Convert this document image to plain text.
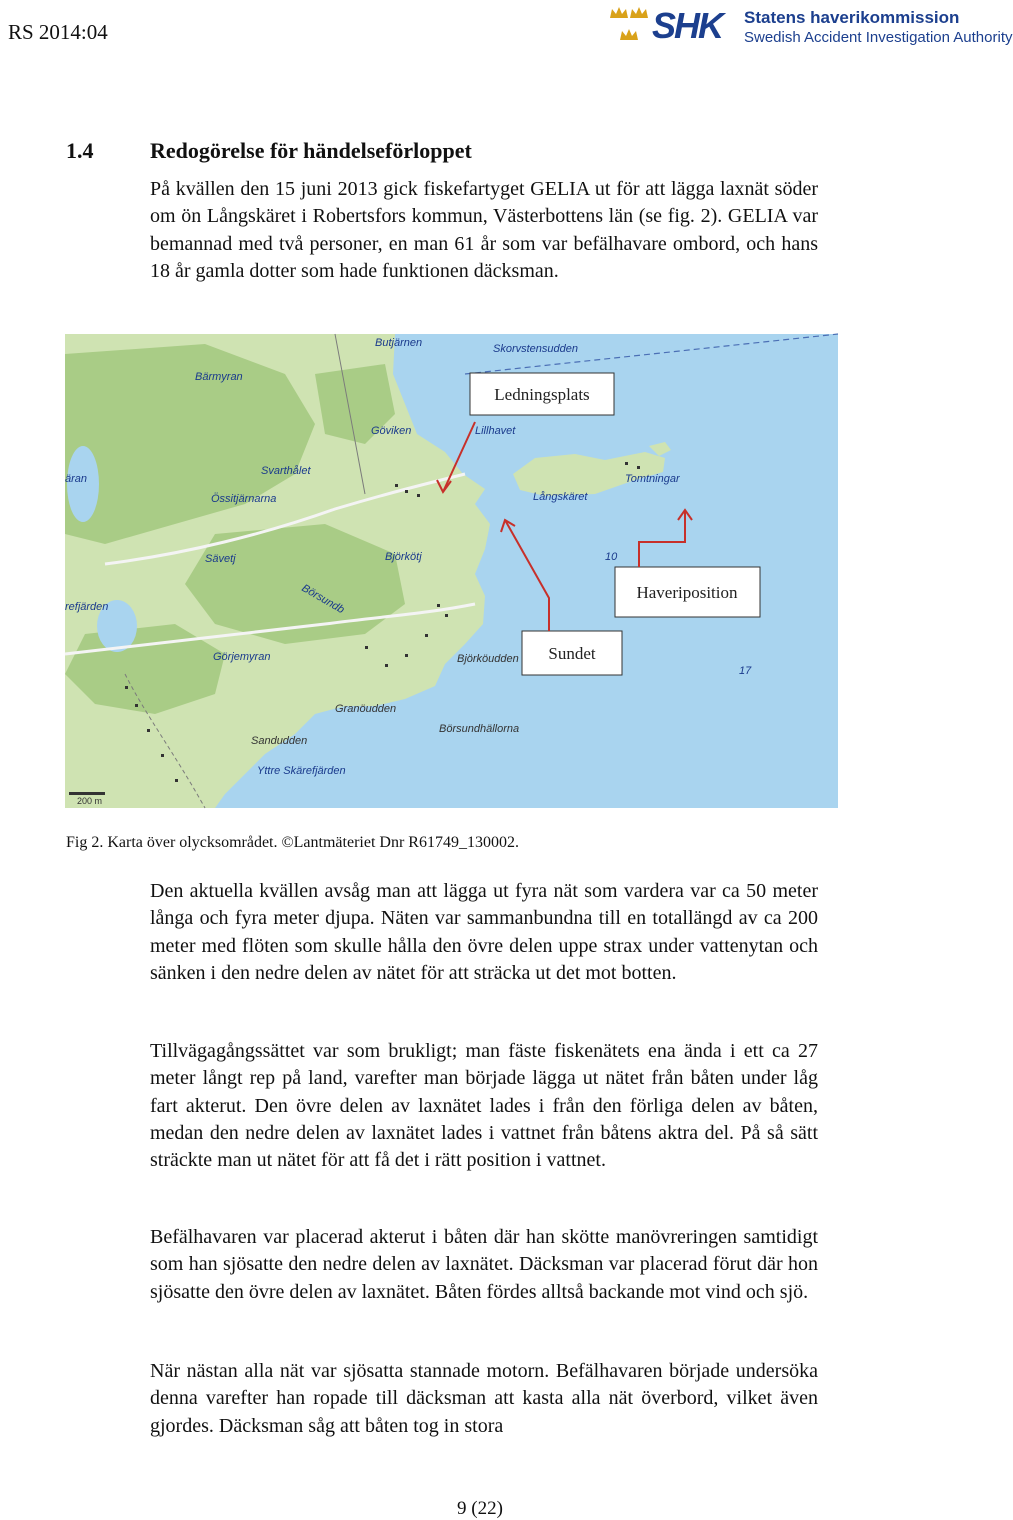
RS 2014:04	SHK Statens haverikommission
Swedish Accident Investigation Authority
1.4	Redogörelse för händelseförloppet

På kvällen den 15 juni 2013 gick fiskefartyget GELIA ut för att lägga laxnät söder om ön Långskäret i Robertsfors kommun, Västerbottens län (se fig. 2). GELIA var bemannad med två personer, en man 61 år som var befälhavare ombord, och hans 18 år gamla dotter som hade funktionen däcksman.

Butjärnen	Skorvstensudden
Bärmyran
Göviken	Lillhavet
äran
Svarthålet
Össitjärnarna
Tomtningar
Långskäret
Sävetj	Björkötj
Börsundb
refjärden
Görjemyran	Björköudden
Granöudden
Börsundhällorna
Sandudden
Yttre Skärefjärden
10
17
200 m
Ledningsplats
Haveriposition
Sundet
Fig 2. Karta över olycksområdet. ©Lantmäteriet Dnr R61749_130002.

Den aktuella kvällen avsåg man att lägga ut fyra nät som vardera var ca 50 meter långa och fyra meter djupa. Näten var sammanbundna till en totallängd av ca 200 meter med flöten som skulle hålla den övre delen uppe strax under vattenytan och sänken i den nedre delen av nätet för att sträcka ut det mot botten.

Tillvägagångssättet var som brukligt; man fäste fiskenätets ena ända i ett ca 27 meter långt rep på land, varefter man började lägga ut nätet från båten under låg fart akterut. Den övre delen av laxnätet lades i från den förliga delen av båten, medan den nedre delen av laxnätet lades i vattnet från båtens aktra del. På så sätt sträckte man ut nätet för att få det i rätt position i vattnet.

Befälhavaren var placerad akterut i båten där han skötte manövreringen samtidigt som han sjösatte den nedre delen av laxnätet. Däcksman var placerad förut där hon sjösatte den övre delen av laxnätet. Båten fördes alltså backande mot vind och sjö.

När nästan alla nät var sjösatta stannade motorn. Befälhavaren började undersöka denna varefter han ropade till däcksman att kasta alla nät överbord, vilket även gjordes. Däcksman såg att båten tog in stora

9 (22)
